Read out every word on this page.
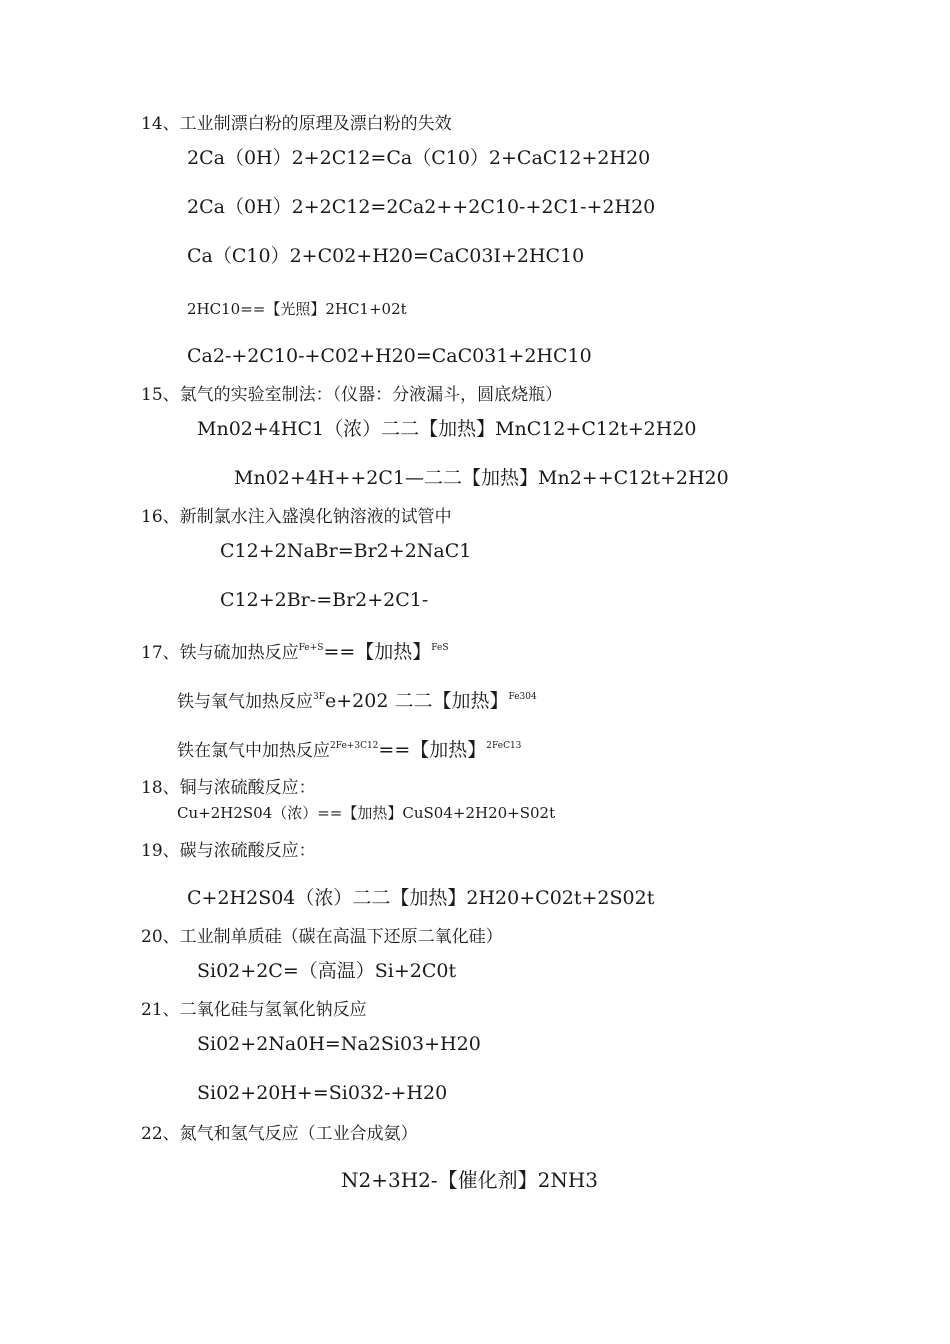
14、工业制漂白粉的原理及漂白粉的失效
2Ca（0H）2+2C12=Ca（C10）2+CaC12+2H20
2Ca（0H）2+2C12=2Ca2++2C10-+2C1-+2H20
Ca（C10）2+C02+H20=CaC03I+2HC10
2HC10==【光照】2HC1+02t
Ca2-+2C10-+C02+H20=CaC031+2HC10
15、氯气的实验室制法：（仪器：分液漏斗，圆底烧瓶）
Mn02+4HC1（浓）二二【加热】MnC12+C12t+2H20
Mn02+4H++2C1—二二【加热】Mn2++C12t+2H20
16、新制氯水注入盛溴化钠溶液的试管中
C12+2NaBr=Br2+2NaC1
C12+2Br-=Br2+2C1-
17、铁与硫加热反应$^{Fe+S}$==【加热】$^{FeS}$
铁与氧气加热反应$^{3F}$e+202 二二【加热】$^{Fe304}$
铁在氯气中加热反应$^{2Fe+3C12}$==【加热】$^{2FeC13}$
18、铜与浓硫酸反应：
Cu+2H2S04（浓）==【加热】CuS04+2H20+S02t
19、碳与浓硫酸反应：
C+2H2S04（浓）二二【加热】2H20+C02t+2S02t
20、工业制单质硅（碳在高温下还原二氧化硅）
Si02+2C=（高温）Si+2C0t
21、二氧化硅与氢氧化钠反应
Si02+2Na0H=Na2Si03+H20
Si02+20H+=Si032-+H20
22、氮气和氢气反应（工业合成氨）
N2+3H2-【催化剂】2NH3
